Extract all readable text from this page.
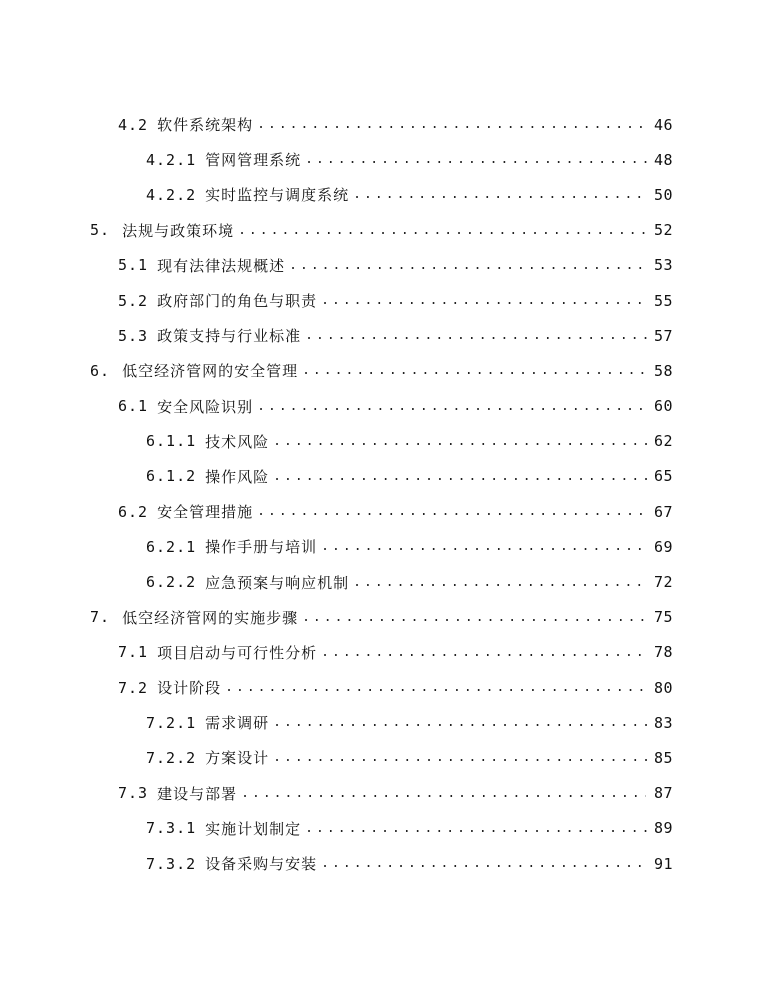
4.2 软件系统架构 . . .	46
4.2.1 管网管理系统 . . .	48
4.2.2 实时监控与调度系统 . . .	50
5. 法规与政策环境 . . .	52
5.1 现有法律法规概述 . . .	53
5.2 政府部门的角色与职责 . . .	55
5.3 政策支持与行业标准 . . .	57
6. 低空经济管网的安全管理 . . .	58
6.1 安全风险识别 . . .	60
6.1.1 技术风险 . . .	62
6.1.2 操作风险 . . .	65
6.2 安全管理措施 . . .	67
6.2.1 操作手册与培训 . . .	69
6.2.2 应急预案与响应机制 . . .	72
7. 低空经济管网的实施步骤 . . .	75
7.1 项目启动与可行性分析 . . .	78
7.2 设计阶段 . . .	80
7.2.1 需求调研 . . .	83
7.2.2 方案设计 . . .	85
7.3 建设与部署 . . .	87
7.3.1 实施计划制定 . . .	89
7.3.2 设备采购与安装 . . .	91
